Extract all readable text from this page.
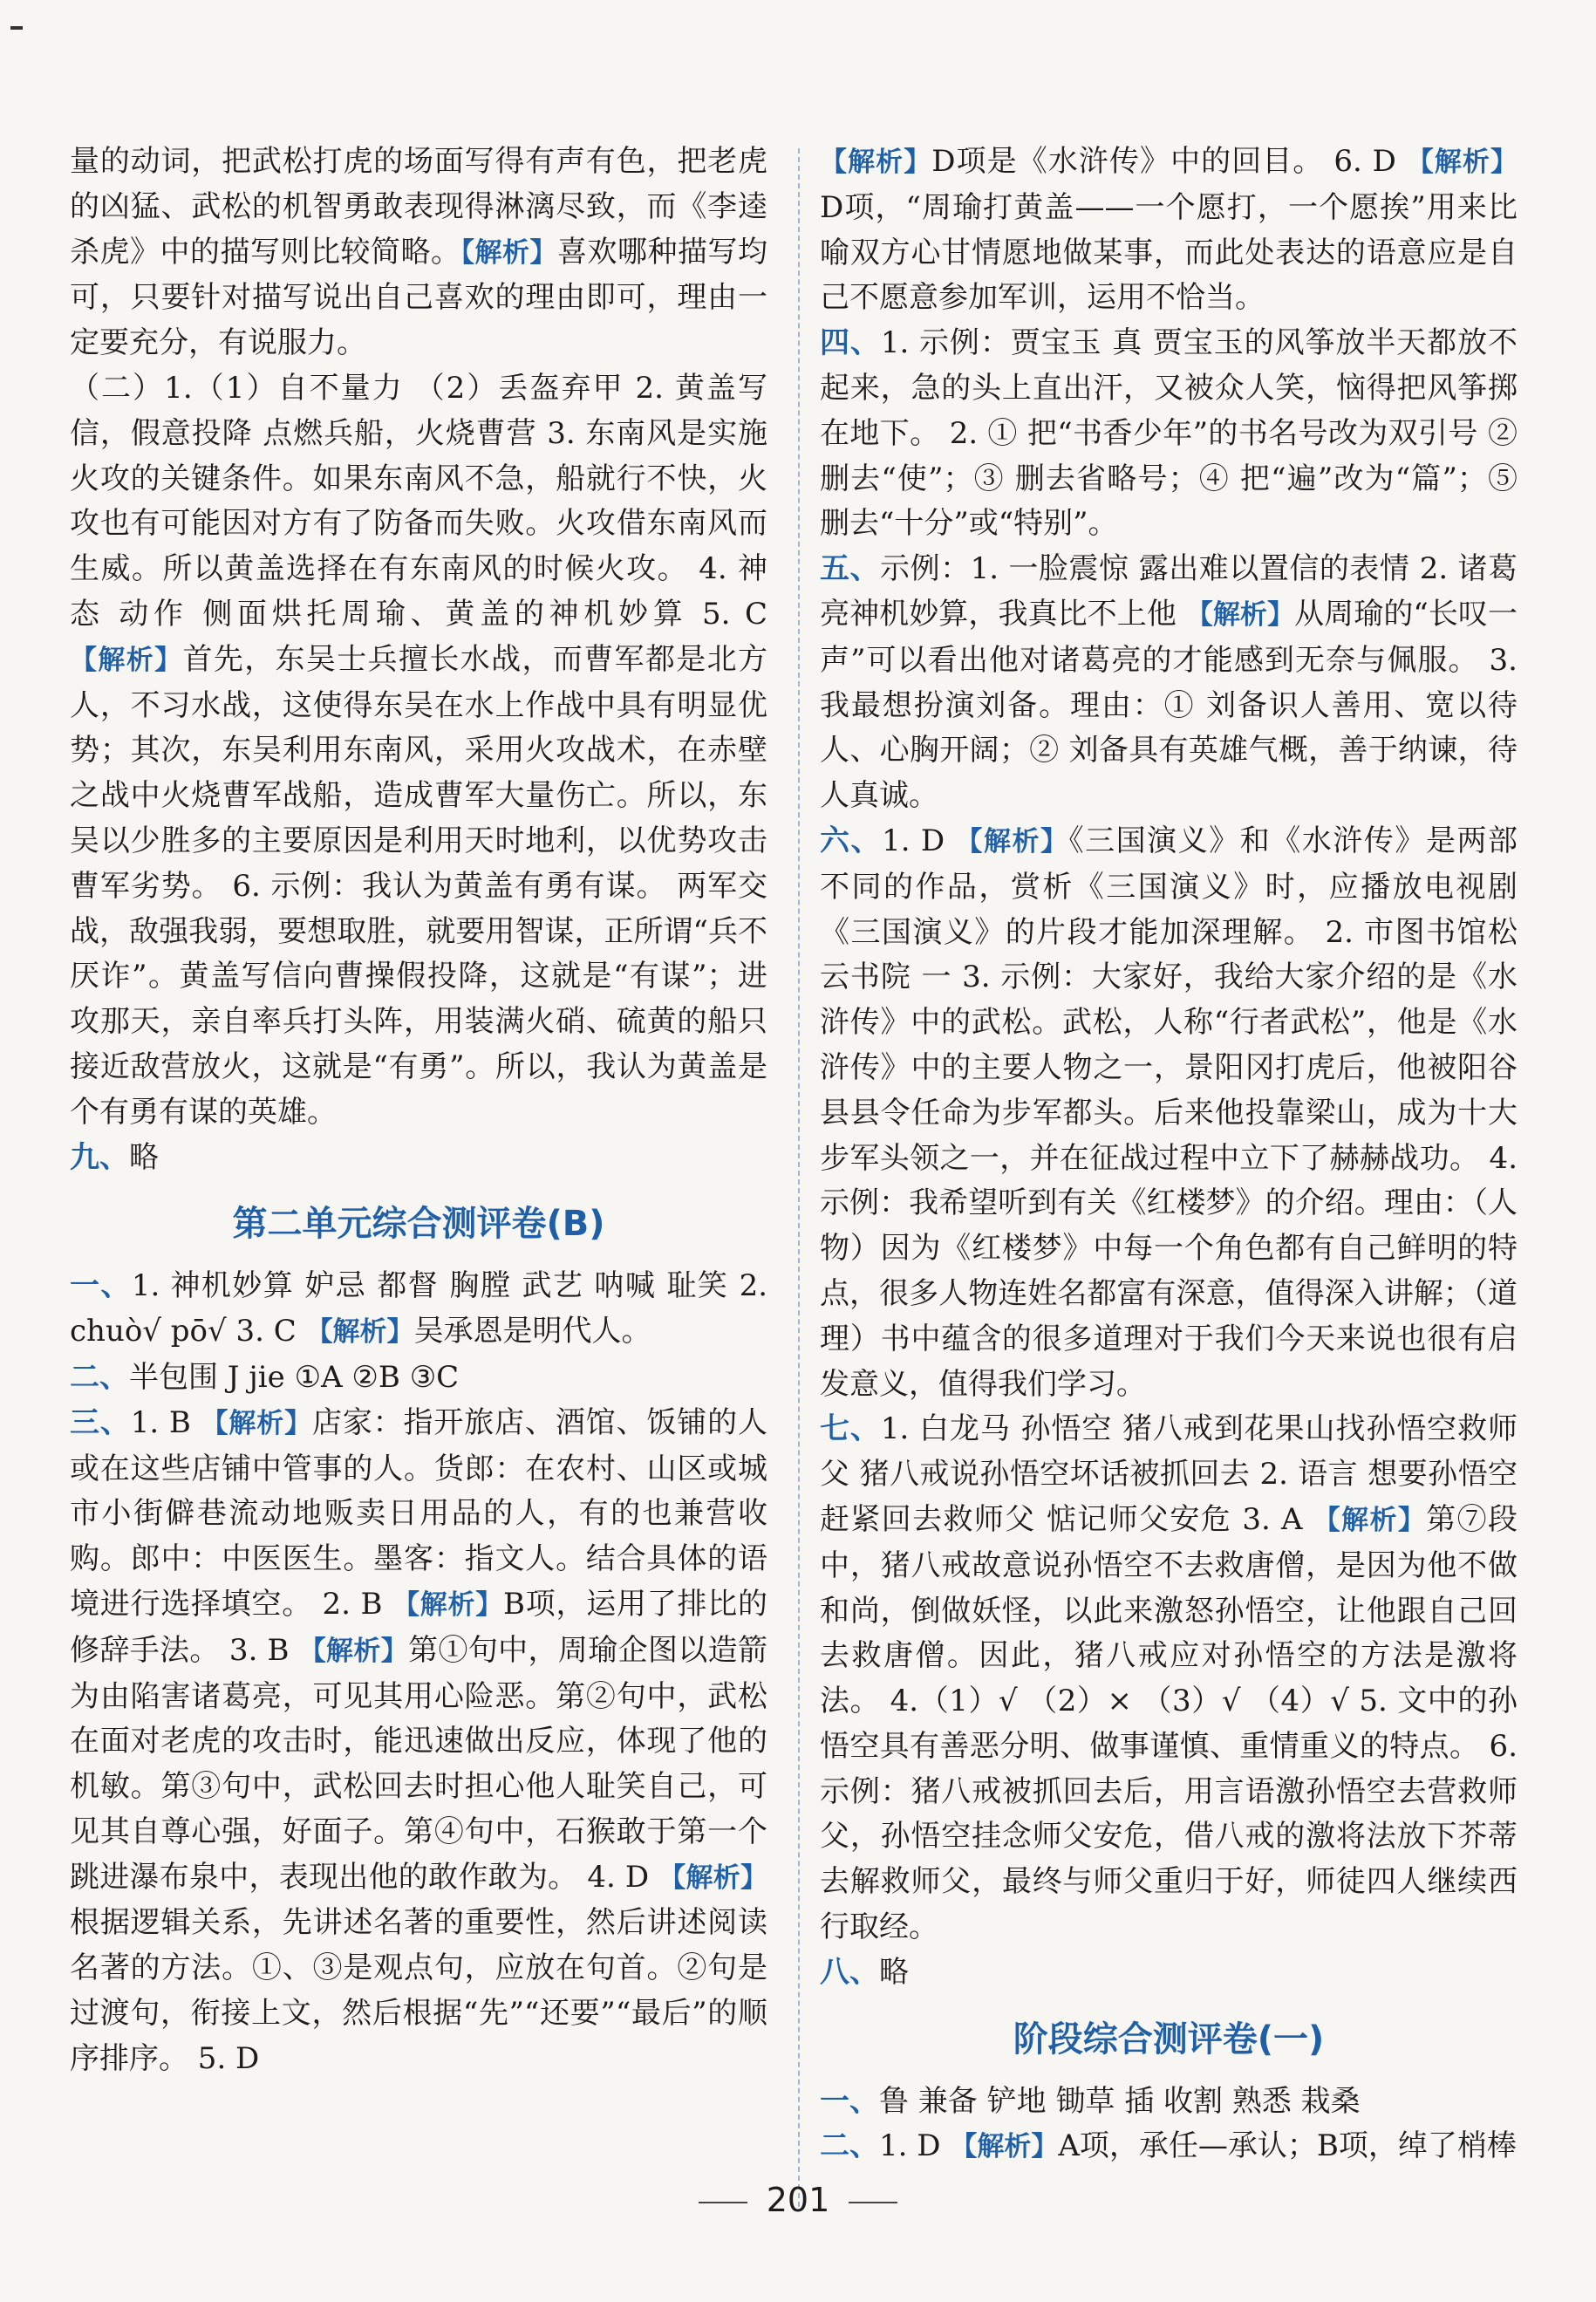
量的动词，把武松打虎的场面写得有声有色，把老虎的凶猛、武松的机智勇敢表现得淋漓尽致，而《李逵杀虎》中的描写则比较简略。【解析】喜欢哪种描写均可，只要针对描写说出自己喜欢的理由即可，理由一定要充分，有说服力。

（二）1.（1）自不量力 （2）丢盔弃甲 2. 黄盖写信，假意投降 点燃兵船，火烧曹营 3. 东南风是实施火攻的关键条件。如果东南风不急，船就行不快，火攻也有可能因对方有了防备而失败。火攻借东南风而生威。所以黄盖选择在有东南风的时候火攻。 4. 神态 动作 侧面烘托周瑜、黄盖的神机妙算 5. C 【解析】首先，东吴士兵擅长水战，而曹军都是北方人，不习水战，这使得东吴在水上作战中具有明显优势；其次，东吴利用东南风，采用火攻战术，在赤壁之战中火烧曹军战船，造成曹军大量伤亡。所以，东吴以少胜多的主要原因是利用天时地利，以优势攻击曹军劣势。 6. 示例：我认为黄盖有勇有谋。 两军交战，敌强我弱，要想取胜，就要用智谋，正所谓“兵不厌诈”。黄盖写信向曹操假投降，这就是“有谋”；进攻那天，亲自率兵打头阵，用装满火硝、硫黄的船只接近敌营放火，这就是“有勇”。所以，我认为黄盖是个有勇有谋的英雄。

九、略

第二单元综合测评卷(B)

一、1. 神机妙算 妒忌 都督 胸膛 武艺 呐喊 耻笑 2. chuò√ pō√ 3. C 【解析】吴承恩是明代人。

二、半包围 J jie ①A ②B ③C

三、1. B 【解析】店家：指开旅店、酒馆、饭铺的人或在这些店铺中管事的人。货郎：在农村、山区或城市小街僻巷流动地贩卖日用品的人，有的也兼营收购。郎中：中医医生。墨客：指文人。结合具体的语境进行选择填空。 2. B 【解析】B项，运用了排比的修辞手法。 3. B 【解析】第①句中，周瑜企图以造箭为由陷害诸葛亮，可见其用心险恶。第②句中，武松在面对老虎的攻击时，能迅速做出反应，体现了他的机敏。第③句中，武松回去时担心他人耻笑自己，可见其自尊心强，好面子。第④句中，石猴敢于第一个跳进瀑布泉中，表现出他的敢作敢为。 4. D 【解析】根据逻辑关系，先讲述名著的重要性，然后讲述阅读名著的方法。①、③是观点句，应放在句首。②句是过渡句，衔接上文，然后根据“先”“还要”“最后”的顺序排序。 5. D

【解析】D项是《水浒传》中的回目。 6. D 【解析】D项，“周瑜打黄盖——一个愿打，一个愿挨”用来比喻双方心甘情愿地做某事，而此处表达的语意应是自己不愿意参加军训，运用不恰当。

四、1. 示例：贾宝玉 真 贾宝玉的风筝放半天都放不起来，急的头上直出汗，又被众人笑，恼得把风筝掷在地下。 2. ① 把“书香少年”的书名号改为双引号 ② 删去“使”；③ 删去省略号；④ 把“遍”改为“篇”；⑤ 删去“十分”或“特别”。

五、示例：1. 一脸震惊 露出难以置信的表情 2. 诸葛亮神机妙算，我真比不上他 【解析】从周瑜的“长叹一声”可以看出他对诸葛亮的才能感到无奈与佩服。 3. 我最想扮演刘备。理由：① 刘备识人善用、宽以待人、心胸开阔；② 刘备具有英雄气概，善于纳谏，待人真诚。

六、1. D 【解析】《三国演义》和《水浒传》是两部不同的作品，赏析《三国演义》时，应播放电视剧《三国演义》的片段才能加深理解。 2. 市图书馆松云书院 一 3. 示例：大家好，我给大家介绍的是《水浒传》中的武松。武松，人称“行者武松”，他是《水浒传》中的主要人物之一，景阳冈打虎后，他被阳谷县县令任命为步军都头。后来他投靠梁山，成为十大步军头领之一，并在征战过程中立下了赫赫战功。 4. 示例：我希望听到有关《红楼梦》的介绍。理由：（人物）因为《红楼梦》中每一个角色都有自己鲜明的特点，很多人物连姓名都富有深意，值得深入讲解；（道理）书中蕴含的很多道理对于我们今天来说也很有启发意义，值得我们学习。

七、1. 白龙马 孙悟空 猪八戒到花果山找孙悟空救师父 猪八戒说孙悟空坏话被抓回去 2. 语言 想要孙悟空赶紧回去救师父 惦记师父安危 3. A 【解析】第⑦段中，猪八戒故意说孙悟空不去救唐僧，是因为他不做和尚，倒做妖怪，以此来激怒孙悟空，让他跟自己回去救唐僧。因此，猪八戒应对孙悟空的方法是激将法。 4.（1）√ （2）× （3）√ （4）√ 5. 文中的孙悟空具有善恶分明、做事谨慎、重情重义的特点。 6. 示例：猪八戒被抓回去后，用言语激孙悟空去营救师父，孙悟空挂念师父安危，借八戒的激将法放下芥蒂去解救师父，最终与师父重归于好，师徒四人继续西行取经。

八、略

阶段综合测评卷(一)

一、鲁 兼备 铲地 锄草 插 收割 熟悉 栽桑

二、1. D 【解析】A项，承任—承认；B项，绰了梢棒

201
